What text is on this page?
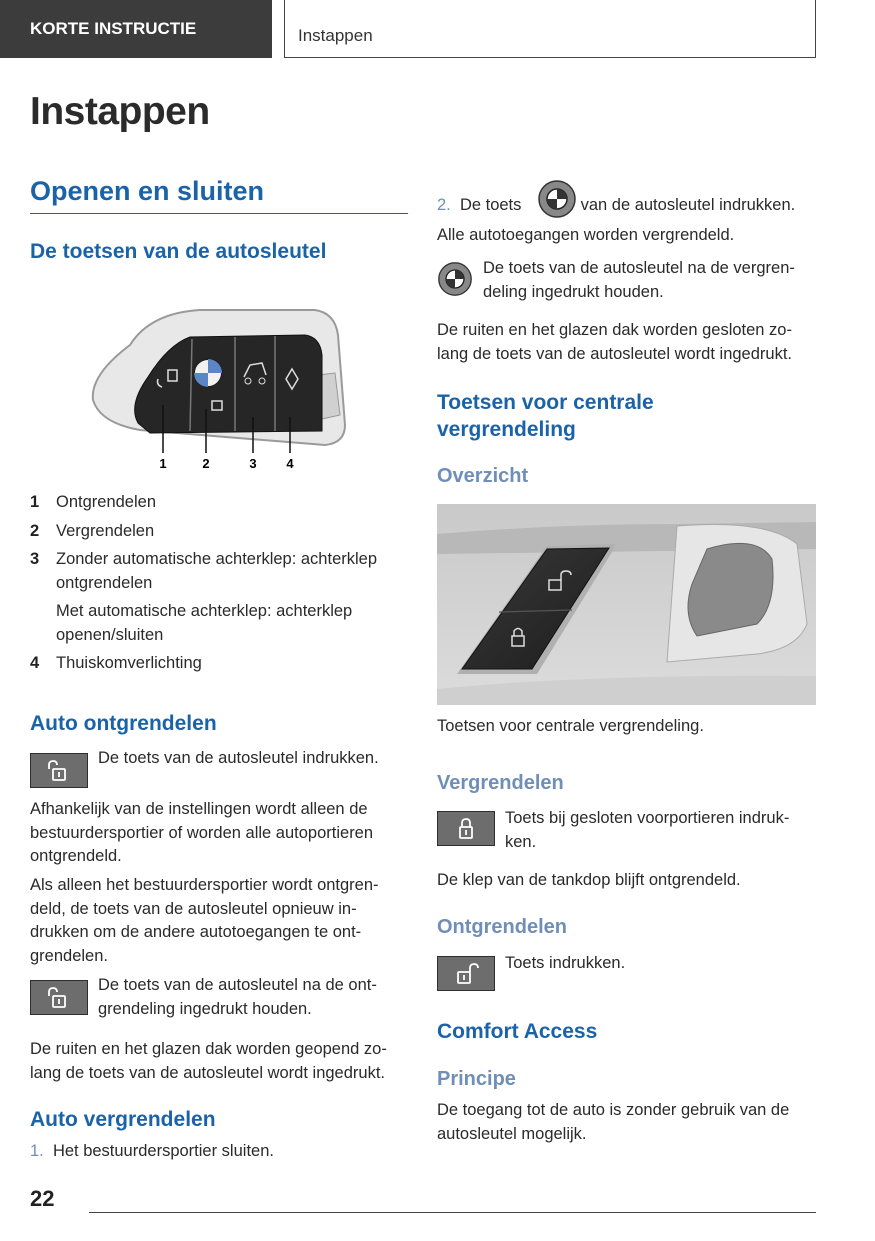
KORTE INSTRUCTIE	Instappen
Instappen
Openen en sluiten
De toetsen van de autosleutel
1	2	3 4
1 Ontgrendelen
2 Vergrendelen
3 Zonder automatische achterklep: achterklep
ontgrendelen
Met automatische achterklep: achterklep
openen/sluiten
4 Thuiskomverlichting
Auto ontgrendelen

De toets van de autosleutel indrukken.

Afhankelijk van de instellingen wordt alleen de
bestuurdersportier of worden alle autoportieren
ontgrendeld.

Als alleen het bestuurdersportier wordt ontgren-
deld, de toets van de autosleutel opnieuw in-
drukken om de andere autotoegangen te ont-
grendelen.

De toets van de autosleutel na de ont-
grendeling ingedrukt houden.

De ruiten en het glazen dak worden geopend zo-
lang de toets van de autosleutel wordt ingedrukt.

Auto vergrendelen

1. Het bestuurdersportier sluiten.

2. De toets	van de autosleutel indrukken.

Alle autotoegangen worden vergrendeld.

De toets van de autosleutel na de vergren-
deling ingedrukt houden.

De ruiten en het glazen dak worden gesloten zo-
lang de toets van de autosleutel wordt ingedrukt.

Toetsen voor centrale
vergrendeling
Overzicht

Toetsen voor centrale vergrendeling.

Vergrendelen

Toets bij gesloten voorportieren indruk-
ken.

De klep van de tankdop blijft ontgrendeld.

Ontgrendelen

Toets indrukken.

Comfort Access
Principe

De toegang tot de auto is zonder gebruik van de
autosleutel mogelijk.

22
